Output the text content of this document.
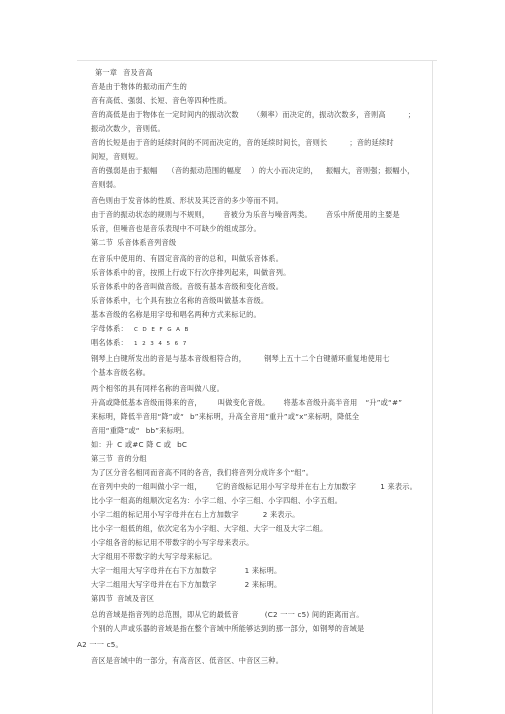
第一章音及音高
音是由于物体的振动而产生的
音有高低、强弱、长短、音色等四种性质。
音的高低是由于物体在一定时间内的振动次数 （频率）而决定的，振动次数多，音则高	；
振动次数少，音则低。
音的长短是由于音的延续时间的不同而决定的，音的延续时间长，音则长	；音的延续时
间短，音则短。
音的强弱是由于振幅 （音的振动范围的幅度 ）的大小而决定的， 振幅大，音则强；振幅小，
音则弱。
音色则由于发音体的性质、形状及其泛音的多少等而不同。
由于音的振动状态的规则与不规则， 音被分为乐音与噪音两类。 音乐中所使用的主要是
乐音，但噪音也是音乐表现中不可缺少的组成部分。
第二节乐音体系音列音级
在音乐中使用的、有固定音高的音的总和，叫做乐音体系。
乐音体系中的音，按照上行或下行次序排列起来，叫做音列。
乐音体系中的各音叫做音级。音级有基本音级和变化音级。
乐音体系中，七个具有独立名称的音级叫做基本音级。
基本音级的名称是用字母和唱名两种方式来标记的。
字母体系： C D E F G A B
唱名体系： 1 2 3 4 5 6 7
钢琴上白键所发出的音是与基本音级相符合的，	钢琴上五十二个白键循环重复地使用七
个基本音级名称。
两个相邻的具有同样名称的音叫做八度。
升高或降低基本音级而得来的音， 叫做变化音级。 将基本音级升高半音用 “升”或“#”
来标明，降低半音用“降”或“ b”来标明，升高全音用“重升”或“x”来标明，降低全
音用“重降”或“ bb”来标明。
如：升 C 或#C 降 C 或 bC
第三节音的分组
为了区分音名相同而音高不同的各音，我们将音列分成许多个“组”。
在音列中央的一组叫做小字一组， 它的音级标记用小写字母并在右上方加数字	1 来表示。
比小字一组高的组顺次定名为：小字二组、小字三组、小字四组、小字五组。
小字二组的标记用小写字母并在右上方加数字	2 来表示。
比小字一组低的组，依次定名为小字组、大字组、大字一组及大字二组。
小字组各音的标记用不带数字的小写字母来表示。
大字组用不带数字的大写字母来标记。
大字一组用大写字母并在右下方加数字	1 来标明。
大字二组用大写字母并在右下方加数字	2 来标明。
第四节音域及音区
总的音域是指音列的总范围，即从它的最低音	(C2 一一 c5) 间的距离而言。
个别的人声或乐器的音域是指在整个音域中所能够达到的那一部分，如钢琴的音域是
A2 一一 c5。
音区是音域中的一部分，有高音区、低音区、中音区三种。
